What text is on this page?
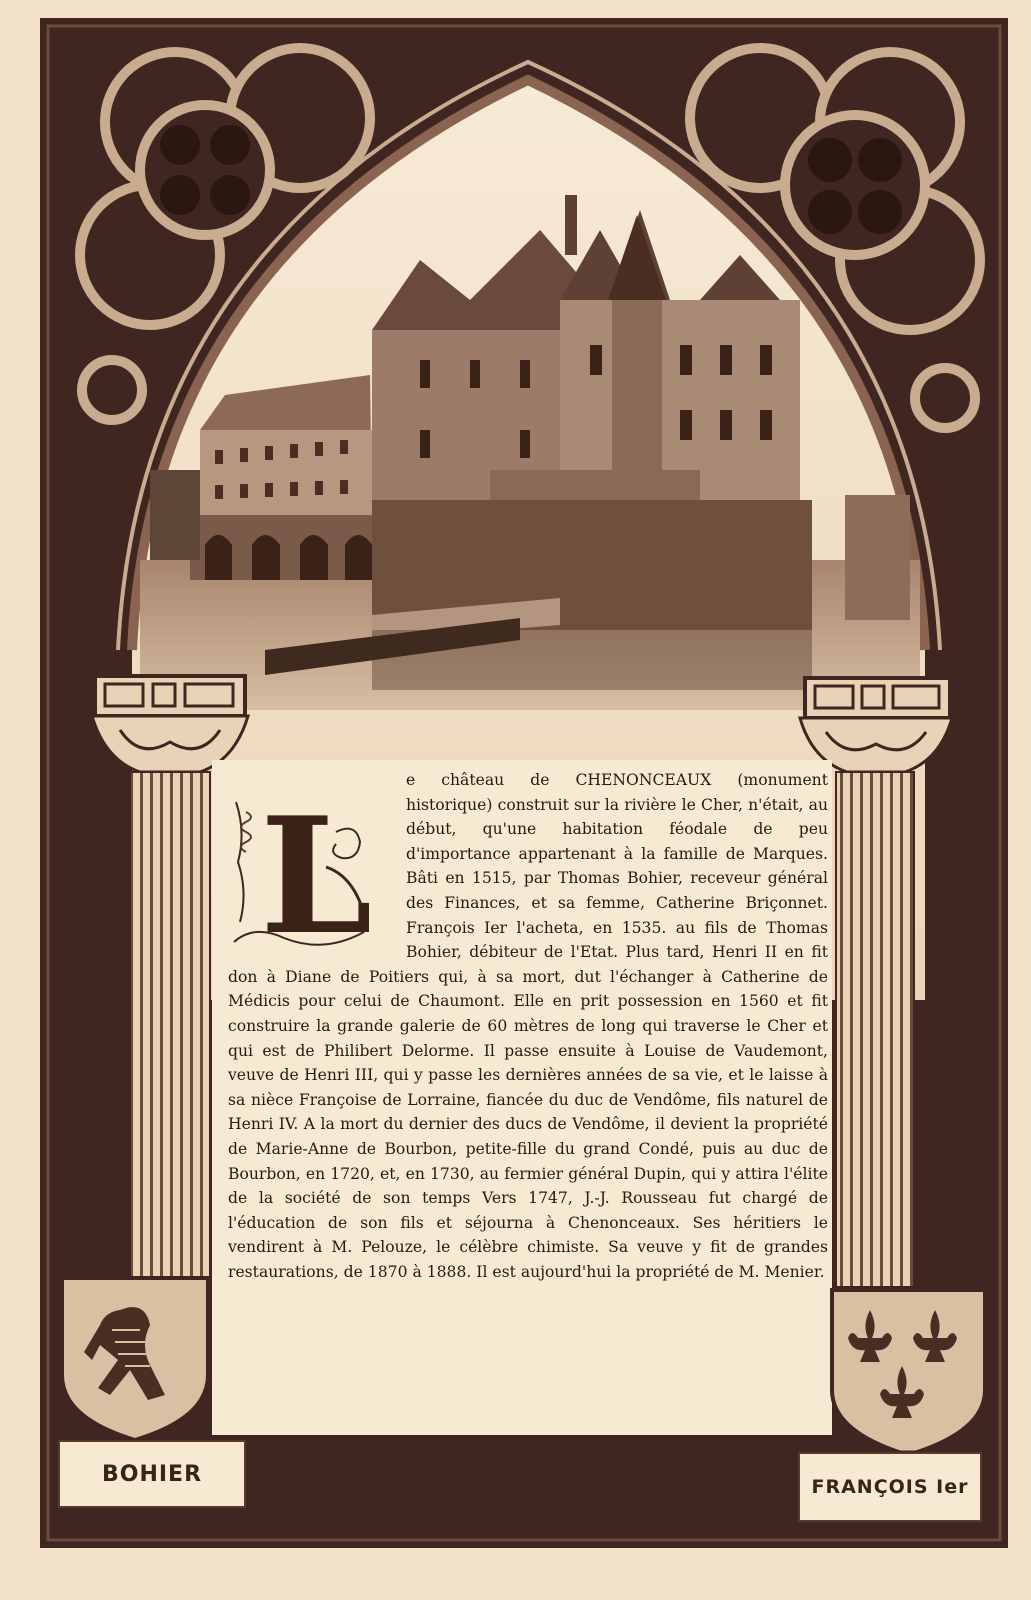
L

e château de CHENONCEAUX (monument historique) construit sur la rivière le Cher, n'était, au début, qu'une habitation féodale de peu d'importance appartenant à la famille de Marques. Bâti en 1515, par Thomas Bohier, receveur général des Finances, et sa femme, Catherine Briçonnet. François Ier l'acheta, en 1535. au fils de Thomas Bohier, débiteur de l'Etat. Plus tard, Henri II en fit don à Diane de Poitiers qui, à sa mort, dut l'échanger à Catherine de Médicis pour celui de Chaumont. Elle en prit possession en 1560 et fit construire la grande galerie de 60 mètres de long qui traverse le Cher et qui est de Philibert Delorme. Il passe ensuite à Louise de Vaudemont, veuve de Henri III, qui y passe les dernières années de sa vie, et le laisse à sa nièce Françoise de Lorraine, fiancée du duc de Vendôme, fils naturel de Henri IV. A la mort du dernier des ducs de Vendôme, il devient la propriété de Marie-Anne de Bourbon, petite-fille du grand Condé, puis au duc de Bourbon, en 1720, et, en 1730, au fermier général Dupin, qui y attira l'élite de la société de son temps Vers 1747, J.-J. Rousseau fut chargé de l'éducation de son fils et séjourna à Chenonceaux. Ses héritiers le vendirent à M. Pelouze, le célèbre chimiste. Sa veuve y fit de grandes restaurations, de 1870 à 1888. Il est aujourd'hui la propriété de M. Menier.

BOHIER
FRANÇOIS Ier
